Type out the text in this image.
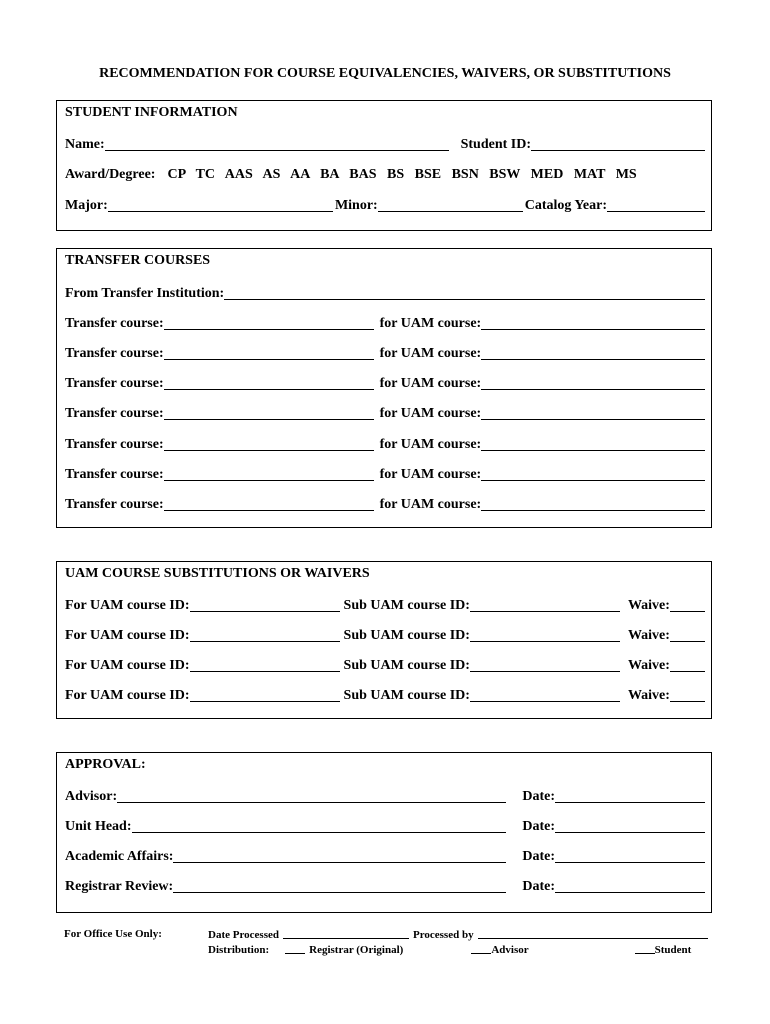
RECOMMENDATION FOR COURSE EQUIVALENCIES, WAIVERS, OR SUBSTITUTIONS
STUDENT INFORMATION
Name:	Student ID:
Award/Degree: CP   TC   AAS   AS   AA   BA   BAS   BS   BSE   BSN   BSW   MED   MAT   MS
Major:	Minor:	Catalog Year:
TRANSFER COURSES
From Transfer Institution:
Transfer course:	for UAM course:
Transfer course:	for UAM course:
Transfer course:	for UAM course:
Transfer course:	for UAM course:
Transfer course:	for UAM course:
Transfer course:	for UAM course:
Transfer course:	for UAM course:
UAM COURSE SUBSTITUTIONS OR WAIVERS
For UAM course ID:	Sub UAM course ID:	Waive:
For UAM course ID:	Sub UAM course ID:	Waive:
For UAM course ID:	Sub UAM course ID:	Waive:
For UAM course ID:	Sub UAM course ID:	Waive:
APPROVAL:
Advisor:	Date:
Unit Head:	Date:
Academic Affairs:	Date:
Registrar Review:	Date:
For Office Use Only:	Date Processed	Processed by
Distribution:	Registrar (Original)	Advisor	Student
